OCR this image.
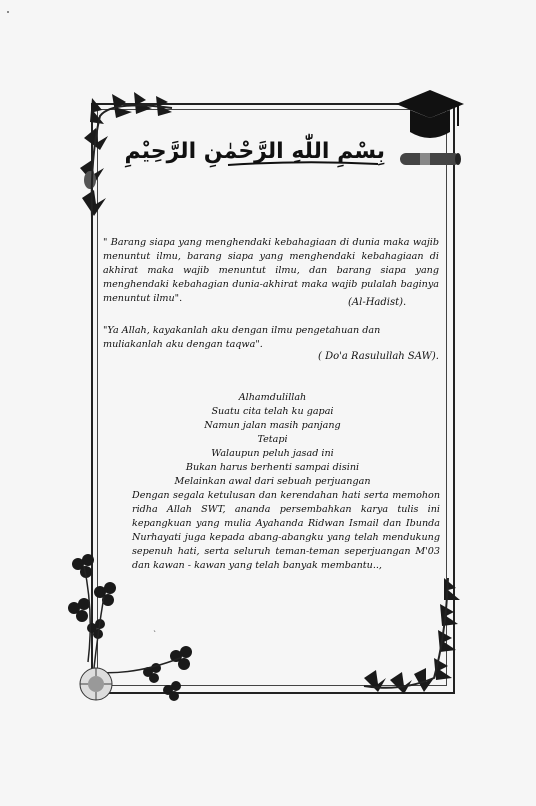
بِسْمِ اللّٰهِ الرَّحْمٰنِ الرَّحِيْمِ
" Barang siapa yang menghendaki kebahagiaan di dunia maka wajib menuntut ilmu, barang siapa yang menghendaki kebahagiaan di akhirat maka wajib menuntut ilmu, dan barang siapa yang menghendaki kebahagian dunia-akhirat maka wajib pulalah baginya menuntut ilmu".	(Al-Hadist).
"Ya Allah, kayakanlah aku dengan ilmu pengetahuan dan muliakanlah aku dengan taqwa".
( Do'a Rasulullah SAW).
Alhamdulillah
Suatu cita telah ku gapai
Namun jalan masih panjang
Tetapi
Walaupun peluh jasad ini
Bukan harus berhenti sampai disini
Melainkan awal dari sebuah perjuangan
Dengan segala ketulusan dan kerendahan hati serta memohon ridha Allah SWT, ananda persembahkan karya tulis ini kepangkuan yang mulia Ayahanda Ridwan Ismail dan Ibunda Nurhayati juga kepada abang-abangku yang telah mendukung sepenuh hati, serta seluruh teman-teman seperjuangan M'03 dan kawan - kawan yang telah banyak membantu..,
`
